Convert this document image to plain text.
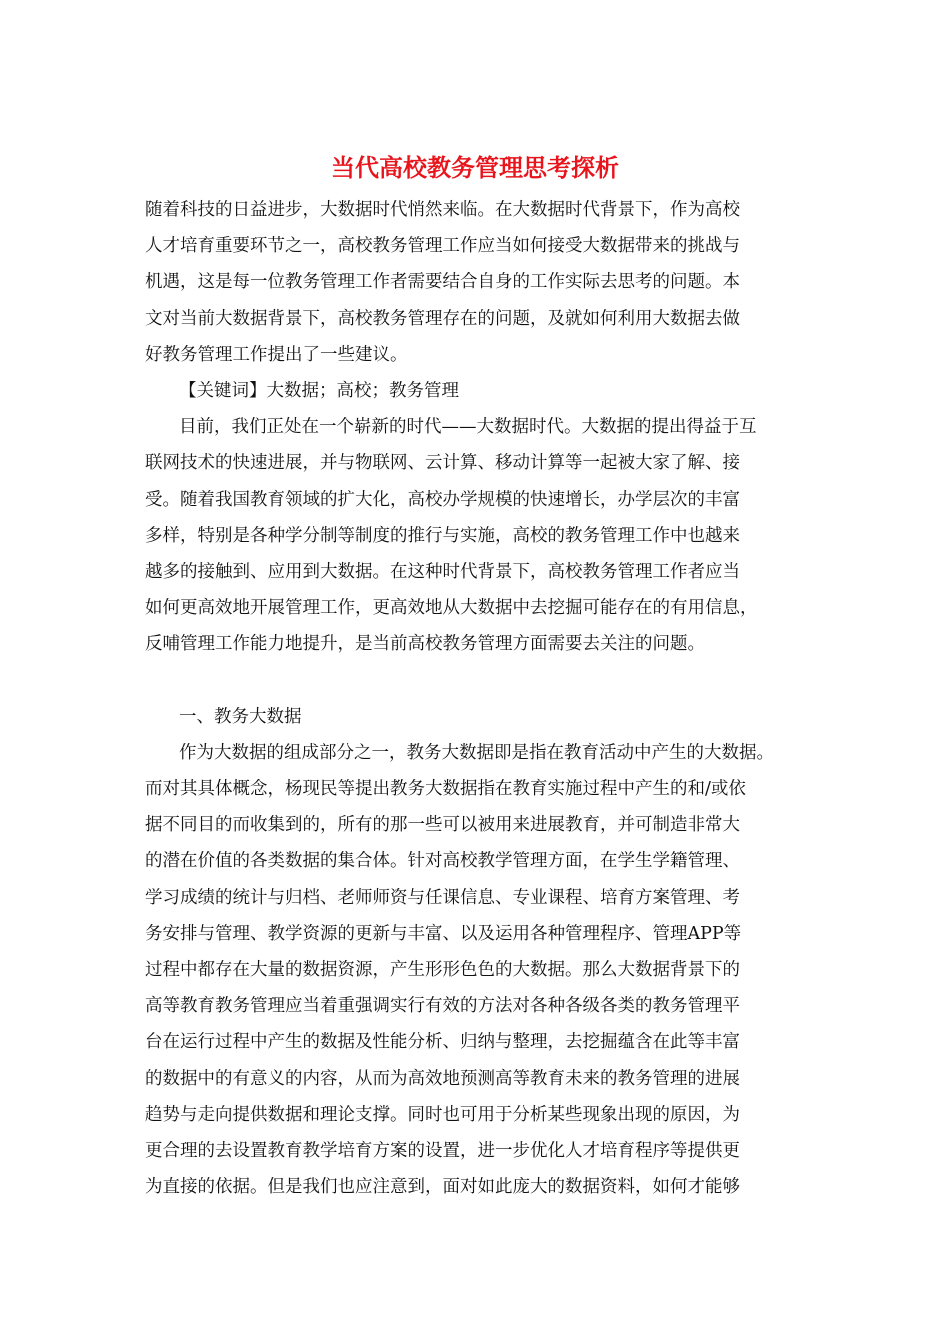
当代高校教务管理思考探析
随着科技的日益进步，大数据时代悄然来临。在大数据时代背景下，作为高校
人才培育重要环节之一，高校教务管理工作应当如何接受大数据带来的挑战与
机遇，这是每一位教务管理工作者需要结合自身的工作实际去思考的问题。本
文对当前大数据背景下，高校教务管理存在的问题，及就如何利用大数据去做
好教务管理工作提出了一些建议。
【关键词】大数据；高校；教务管理
目前，我们正处在一个崭新的时代——大数据时代。大数据的提出得益于互
联网技术的快速进展，并与物联网、云计算、移动计算等一起被大家了解、接
受。随着我国教育领域的扩大化，高校办学规模的快速增长，办学层次的丰富
多样，特别是各种学分制等制度的推行与实施，高校的教务管理工作中也越来
越多的接触到、应用到大数据。在这种时代背景下，高校教务管理工作者应当
如何更高效地开展管理工作，更高效地从大数据中去挖掘可能存在的有用信息，
反哺管理工作能力地提升，是当前高校教务管理方面需要去关注的问题。
一、教务大数据
作为大数据的组成部分之一，教务大数据即是指在教育活动中产生的大数据。
而对其具体概念，杨现民等提出教务大数据指在教育实施过程中产生的和/或依
据不同目的而收集到的，所有的那一些可以被用来进展教育，并可制造非常大
的潜在价值的各类数据的集合体。针对高校教学管理方面，在学生学籍管理、
学习成绩的统计与归档、老师师资与任课信息、专业课程、培育方案管理、考
务安排与管理、教学资源的更新与丰富、以及运用各种管理程序、管理APP等
过程中都存在大量的数据资源，产生形形色色的大数据。那么大数据背景下的
高等教育教务管理应当着重强调实行有效的方法对各种各级各类的教务管理平
台在运行过程中产生的数据及性能分析、归纳与整理，去挖掘蕴含在此等丰富
的数据中的有意义的内容，从而为高效地预测高等教育未来的教务管理的进展
趋势与走向提供数据和理论支撑。同时也可用于分析某些现象出现的原因，为
更合理的去设置教育教学培育方案的设置，进一步优化人才培育程序等提供更
为直接的依据。但是我们也应注意到，面对如此庞大的数据资料，如何才能够
